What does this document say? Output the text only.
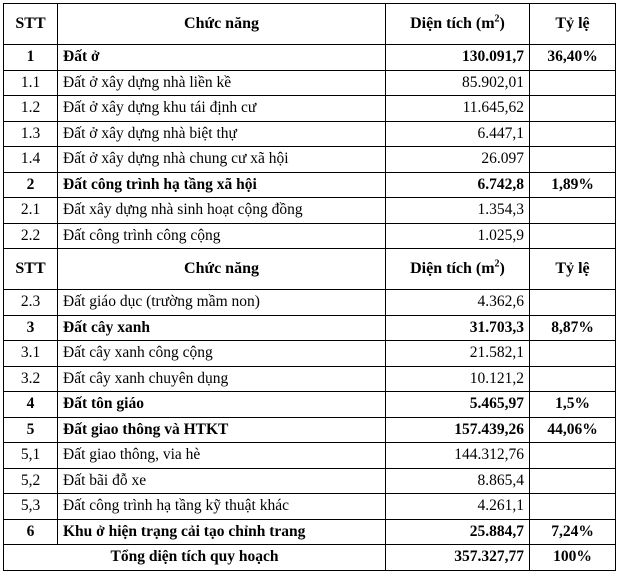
STT	Chức năng	Diện tích $(m^2)$	Tỷ lệ
1	Đất ở	130.091,7	36,40%
1.1	Đất ở xây dựng nhà liền kề	85.902,01	
1.2	Đất ở xây dựng khu tái định cư	11.645,62	
1.3	Đất ở xây dựng nhà biệt thự	6.447,1	
1.4	Đất ở xây dựng nhà chung cư xã hội	26.097	
2	Đất công trình hạ tầng xã hội	6.742,8	1,89%
2.1	Đất xây dựng nhà sinh hoạt cộng đồng	1.354,3	
2.2	Đất công trình công cộng	1.025,9	
STT	Chức năng	Diện tích $(m^2)$	Tỷ lệ
2.3	Đất giáo dục (trường mầm non)	4.362,6	
3	Đất cây xanh	31.703,3	8,87%
3.1	Đất cây xanh công cộng	21.582,1	
3.2	Đất cây xanh chuyên dụng	10.121,2	
4	Đất tôn giáo	5.465,97	1,5%
5	Đất giao thông và HTKT	157.439,26	44,06%
5,1	Đất giao thông, via hè	144.312,76	
5,2	Đất bãi đỗ xe	8.865,4	
5,3	Đất công trình hạ tầng kỹ thuật khác	4.261,1	
6	Khu ở hiện trạng cải tạo chỉnh trang	25.884,7	7,24%
Tổng diện tích quy hoạch		357.327,77	100%
